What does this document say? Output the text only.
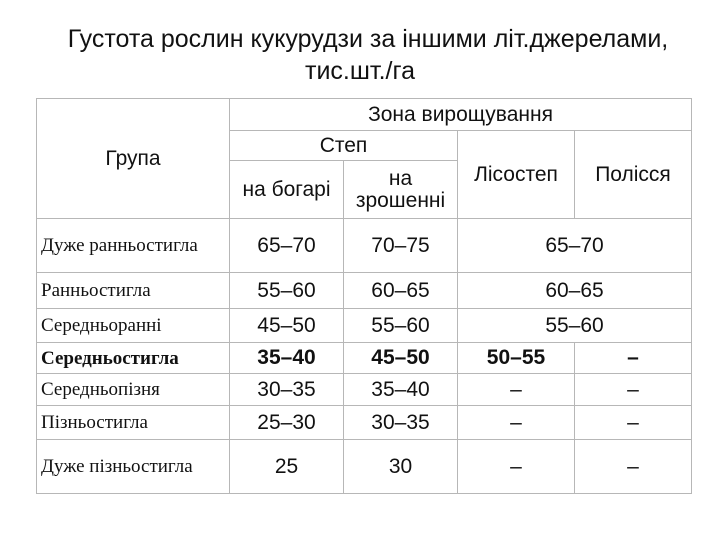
Густота рослин кукурудзи за іншими літ.джерелами,
тис.шт./га
Група	Зона вирощування			
	Степ		Лісостеп	Полісся
	на богарі	на зрошенні		
Дуже ранньостигла	65–70	70–75	65–70	
Ранньостигла	55–60	60–65	60–65	
Середньоранні	45–50	55–60	55–60	
Середньостигла	35–40	45–50	50–55	–
Середньопізня	30–35	35–40	–	–
Пізньостигла	25–30	30–35	–	–
Дуже пізньостигла	25	30	–	–
